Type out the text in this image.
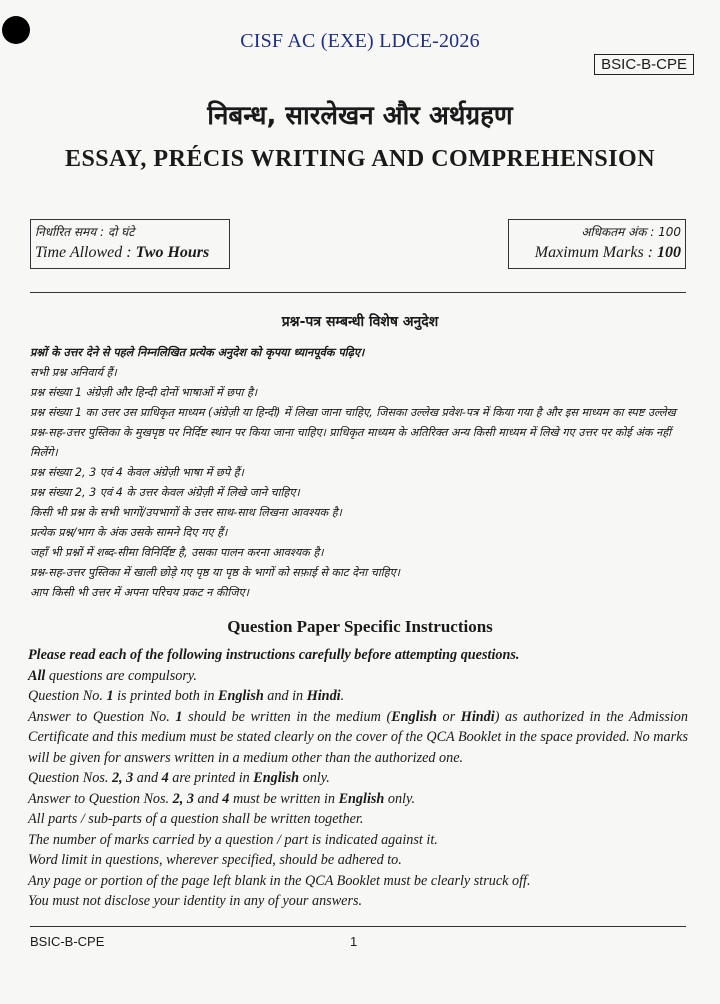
CISF AC (EXE) LDCE-2026
BSIC-B-CPE
निबन्ध, सारलेखन और अर्थग्रहण
ESSAY, PRÉCIS WRITING AND COMPREHENSION
निर्धारित समय : दो घंटे
Time Allowed : Two Hours
अधिकतम अंक : 100
Maximum Marks : 100
प्रश्न-पत्र सम्बन्धी विशेष अनुदेश
प्रश्नों के उत्तर देने से पहले निम्नलिखित प्रत्येक अनुदेश को कृपया ध्यानपूर्वक पढ़िए।
सभी प्रश्न अनिवार्य हैं।
प्रश्न संख्या 1 अंग्रेज़ी और हिन्दी दोनों भाषाओं में छपा है।
प्रश्न संख्या 1 का उत्तर उस प्राधिकृत माध्यम (अंग्रेज़ी या हिन्दी) में लिखा जाना चाहिए, जिसका उल्लेख प्रवेश-पत्र में किया गया है और इस माध्यम का स्पष्ट उल्लेख प्रश्न-सह-उत्तर पुस्तिका के मुखपृष्ठ पर निर्दिष्ट स्थान पर किया जाना चाहिए। प्राधिकृत माध्यम के अतिरिक्त अन्य किसी माध्यम में लिखे गए उत्तर पर कोई अंक नहीं मिलेंगे।
प्रश्न संख्या 2, 3 एवं 4 केवल अंग्रेज़ी भाषा में छपे हैं।
प्रश्न संख्या 2, 3 एवं 4 के उत्तर केवल अंग्रेज़ी में लिखे जाने चाहिए।
किसी भी प्रश्न के सभी भागों/उपभागों के उत्तर साथ-साथ लिखना आवश्यक है।
प्रत्येक प्रश्न/भाग के अंक उसके सामने दिए गए हैं।
जहाँ भी प्रश्नों में शब्द-सीमा विनिर्दिष्ट है, उसका पालन करना आवश्यक है।
प्रश्न-सह-उत्तर पुस्तिका में खाली छोड़े गए पृष्ठ या पृष्ठ के भागों को सफ़ाई से काट देना चाहिए।
आप किसी भी उत्तर में अपना परिचय प्रकट न कीजिए।
Question Paper Specific Instructions
Please read each of the following instructions carefully before attempting questions.
All questions are compulsory.
Question No. 1 is printed both in English and in Hindi.
Answer to Question No. 1 should be written in the medium (English or Hindi) as authorized in the Admission Certificate and this medium must be stated clearly on the cover of the QCA Booklet in the space provided. No marks will be given for answers written in a medium other than the authorized one.
Question Nos. 2, 3 and 4 are printed in English only.
Answer to Question Nos. 2, 3 and 4 must be written in English only.
All parts / sub-parts of a question shall be written together.
The number of marks carried by a question / part is indicated against it.
Word limit in questions, wherever specified, should be adhered to.
Any page or portion of the page left blank in the QCA Booklet must be clearly struck off.
You must not disclose your identity in any of your answers.
BSIC-B-CPE	1
